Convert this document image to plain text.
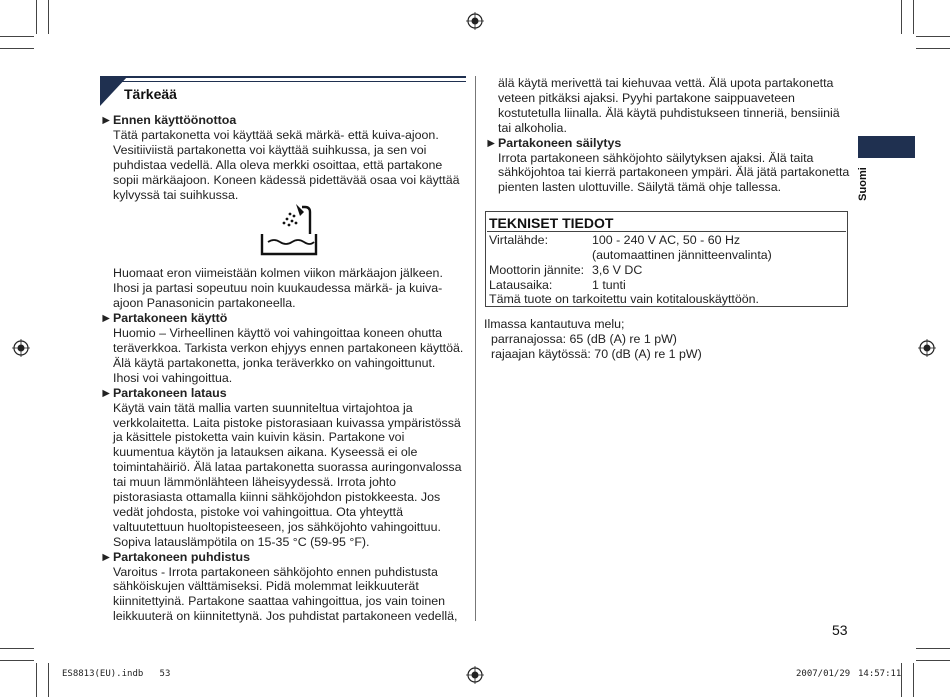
Tärkeää
►Ennen käyttöönottoa
Tätä partakonetta voi käyttää sekä märkä- että kuiva-ajoon.
Vesitiiviistä partakonetta voi käyttää suihkussa, ja sen voi
puhdistaa vedellä. Alla oleva merkki osoittaa, että partakone
sopii märkäajoon. Koneen kädessä pidettävää osaa voi käyttää
kylvyssä tai suihkussa.
Huomaat eron viimeistään kolmen viikon märkäajon jälkeen.
Ihosi ja partasi sopeutuu noin kuukaudessa märkä- ja kuiva-
ajoon Panasonicin partakoneella.
►Partakoneen käyttö
Huomio – Virheellinen käyttö voi vahingoittaa koneen ohutta
teräverkkoa. Tarkista verkon ehjyys ennen partakoneen käyttöä.
Älä käytä partakonetta, jonka teräverkko on vahingoittunut.
Ihosi voi vahingoittua.
►Partakoneen lataus
Käytä vain tätä mallia varten suunniteltua virtajohtoa ja
verkkolaitetta. Laita pistoke pistorasiaan kuivassa ympäristössä
ja käsittele pistoketta vain kuivin käsin. Partakone voi
kuumentua käytön ja latauksen aikana. Kyseessä ei ole
toimintahäiriö. Älä lataa partakonetta suorassa auringonvalossa
tai muun lämmönlähteen läheisyydessä. Irrota johto
pistorasiasta ottamalla kiinni sähköjohdon pistokkeesta. Jos
vedät johdosta, pistoke voi vahingoittua. Ota yhteyttä
valtuutettuun huoltopisteeseen, jos sähköjohto vahingoittuu.
Sopiva latauslämpötila on 15-35 °C (59-95 °F).
►Partakoneen puhdistus
Varoitus - Irrota partakoneen sähköjohto ennen puhdistusta
sähköiskujen välttämiseksi. Pidä molemmat leikkuuterät
kiinnitettyinä. Partakone saattaa vahingoittua, jos vain toinen
leikkuuterä on kiinnitettynä. Jos puhdistat partakoneen vedellä,
älä käytä merivettä tai kiehuvaa vettä. Älä upota partakonetta
veteen pitkäksi ajaksi. Pyyhi partakone saippuaveteen
kostutetulla liinalla. Älä käytä puhdistukseen tinneriä, bensiiniä
tai alkoholia.
►Partakoneen säilytys
Irrota partakoneen sähköjohto säilytyksen ajaksi. Älä taita
sähköjohtoa tai kierrä partakoneen ympäri. Älä jätä partakonetta
pienten lasten ulottuville. Säilytä tämä ohje tallessa.
TEKNISET TIEDOT
Virtalähde:	100 - 240 V AC, 50 - 60 Hz
(automaattinen jännitteenvalinta)
Moottorin jännite: 3,6 V DC
Latausaika:	1 tunti
Tämä tuote on tarkoitettu vain kotitalouskäyttöön.
Ilmassa kantautuva melu;
parranajossa: 65 (dB (A) re 1 pW)
rajaajan käytössä: 70 (dB (A) re 1 pW)
Suomi
53
ES8813(EU).indb   53	2007/01/29 14:57:11
